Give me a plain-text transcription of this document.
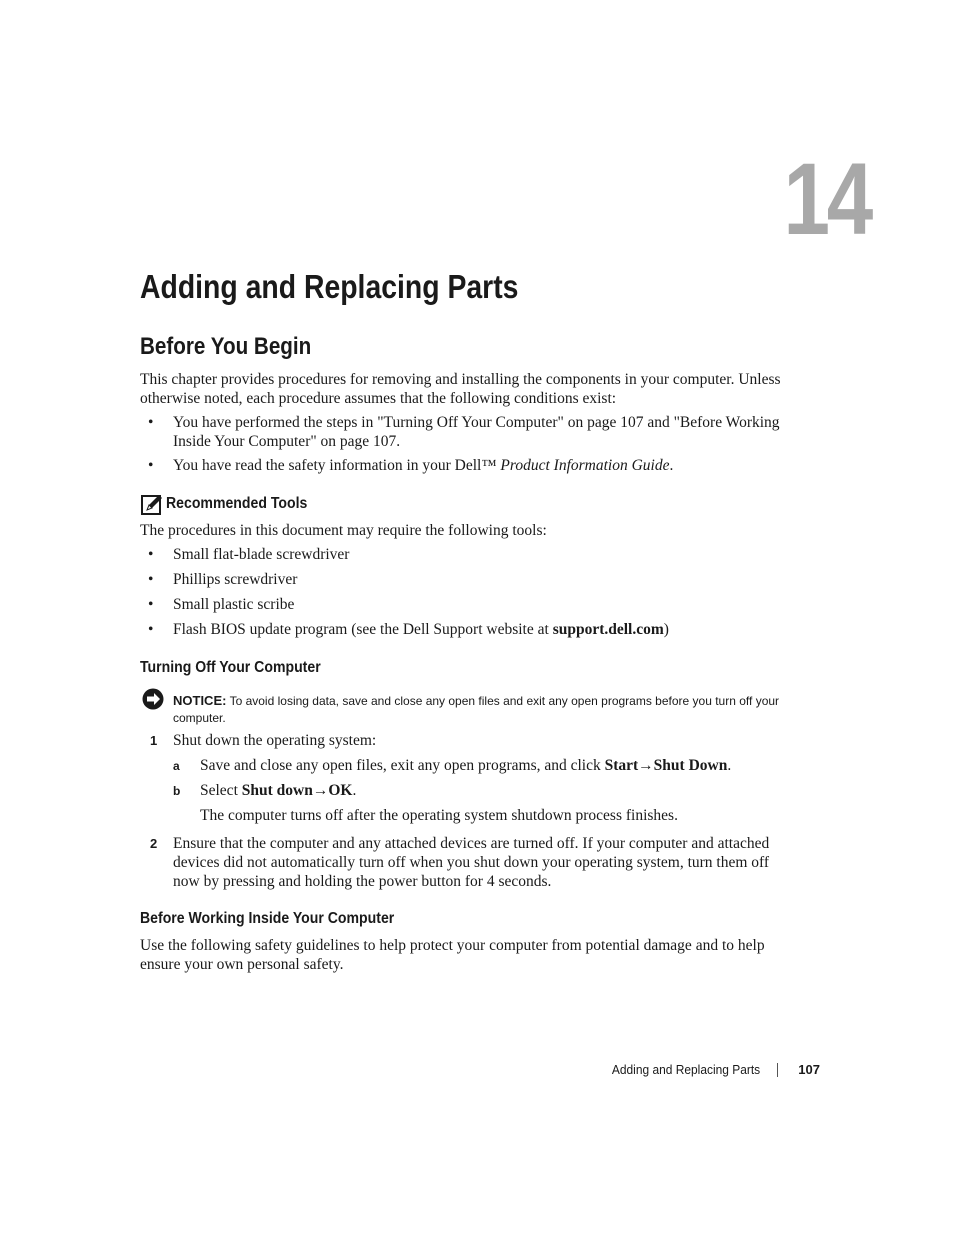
14
Adding and Replacing Parts
Before You Begin

This chapter provides procedures for removing and installing the components in your computer. Unless otherwise noted, each procedure assumes that the following conditions exist:

• You have performed the steps in "Turning Off Your Computer" on page 107 and "Before Working Inside Your Computer" on page 107.
• You have read the safety information in your Dell™ Product Information Guide.
Recommended Tools

The procedures in this document may require the following tools:

• Small flat-blade screwdriver
• Phillips screwdriver
• Small plastic scribe
• Flash BIOS update program (see the Dell Support website at support.dell.com)
Turning Off Your Computer
NOTICE: To avoid losing data, save and close any open files and exit any open programs before you turn off your computer.
1 Shut down the operating system:
a Save and close any open files, exit any open programs, and click Start→Shut Down.
b Select Shut down→OK.

The computer turns off after the operating system shutdown process finishes.

2 Ensure that the computer and any attached devices are turned off. If your computer and attached devices did not automatically turn off when you shut down your operating system, turn them off now by pressing and holding the power button for 4 seconds.
Before Working Inside Your Computer

Use the following safety guidelines to help protect your computer from potential damage and to help ensure your own personal safety.

Adding and Replacing Parts	107
